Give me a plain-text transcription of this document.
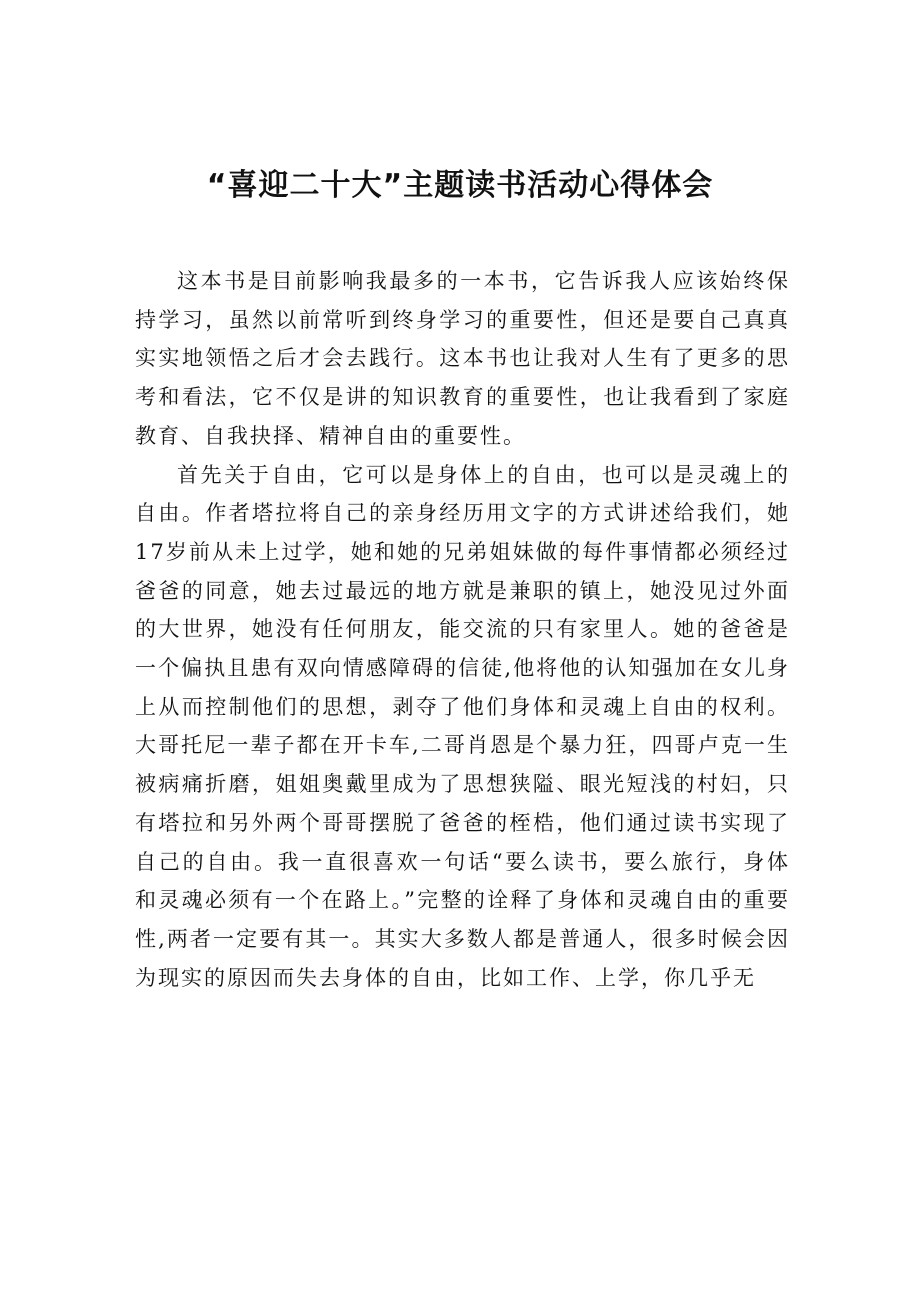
“喜迎二十大”主题读书活动心得体会

这本书是目前影响我最多的一本书，它告诉我人应该始终保持学习，虽然以前常听到终身学习的重要性，但还是要自己真真实实地领悟之后才会去践行。这本书也让我对人生有了更多的思考和看法，它不仅是讲的知识教育的重要性，也让我看到了家庭教育、自我抉择、精神自由的重要性。

首先关于自由，它可以是身体上的自由，也可以是灵魂上的自由。作者塔拉将自己的亲身经历用文字的方式讲述给我们，她17岁前从未上过学，她和她的兄弟姐妹做的每件事情都必须经过爸爸的同意，她去过最远的地方就是兼职的镇上，她没见过外面的大世界，她没有任何朋友，能交流的只有家里人。她的爸爸是一个偏执且患有双向情感障碍的信徒,他将他的认知强加在女儿身上从而控制他们的思想，剥夺了他们身体和灵魂上自由的权利。大哥托尼一辈子都在开卡车,二哥肖恩是个暴力狂，四哥卢克一生被病痛折磨，姐姐奥戴里成为了思想狭隘、眼光短浅的村妇，只有塔拉和另外两个哥哥摆脱了爸爸的桎梏，他们通过读书实现了自己的自由。我一直很喜欢一句话“要么读书，要么旅行，身体和灵魂必须有一个在路上。”完整的诠释了身体和灵魂自由的重要性,两者一定要有其一。其实大多数人都是普通人，很多时候会因为现实的原因而失去身体的自由，比如工作、上学，你几乎无
